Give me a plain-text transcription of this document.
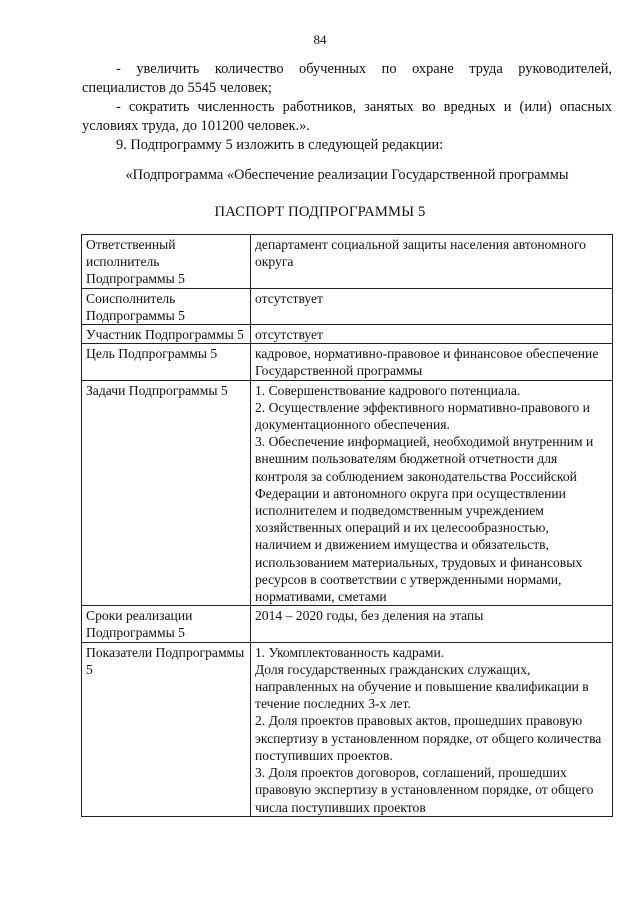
84

- увеличить количество обученных по охране труда руководителей, специалистов до 5545 человек;

- сократить численность работников, занятых во вредных и (или) опасных условиях труда, до 101200 человек.».

9. Подпрограмму 5 изложить в следующей редакции:

«Подпрограмма «Обеспечение реализации Государственной программы
ПАСПОРТ ПОДПРОГРАММЫ 5
Ответственный исполнитель Подпрограммы 5	департамент социальной защиты населения автономного округа

Соисполнитель Подпрограммы 5	отсутствует

Участник Подпрограммы 5	отсутствует

Цель Подпрограммы 5	кадровое, нормативно-правовое и финансовое обеспечение Государственной программы

Задачи Подпрограммы 5	1. Совершенствование кадрового потенциала.
2. Осуществление эффективного нормативно-правового и документационного обеспечения.
3. Обеспечение информацией, необходимой внутренним и внешним пользователям бюджетной отчетности для контроля за соблюдением законодательства Российской Федерации и автономного округа при осуществлении исполнителем и подведомственным учреждением хозяйственных операций и их целесообразностью, наличием и движением имущества и обязательств, использованием материальных, трудовых и финансовых ресурсов в соответствии с утвержденными нормами, нормативами, сметами

Сроки реализации Подпрограммы 5	2014 – 2020 годы, без деления на этапы

Показатели Подпрограммы 5	1. Укомплектованность кадрами.
Доля государственных гражданских служащих, направленных на обучение и повышение квалификации в течение последних 3-х лет.
2. Доля проектов правовых актов, прошедших правовую экспертизу в установленном порядке, от общего количества поступивших проектов.
3. Доля проектов договоров, соглашений, прошедших правовую экспертизу в установленном порядке, от общего числа поступивших проектов
